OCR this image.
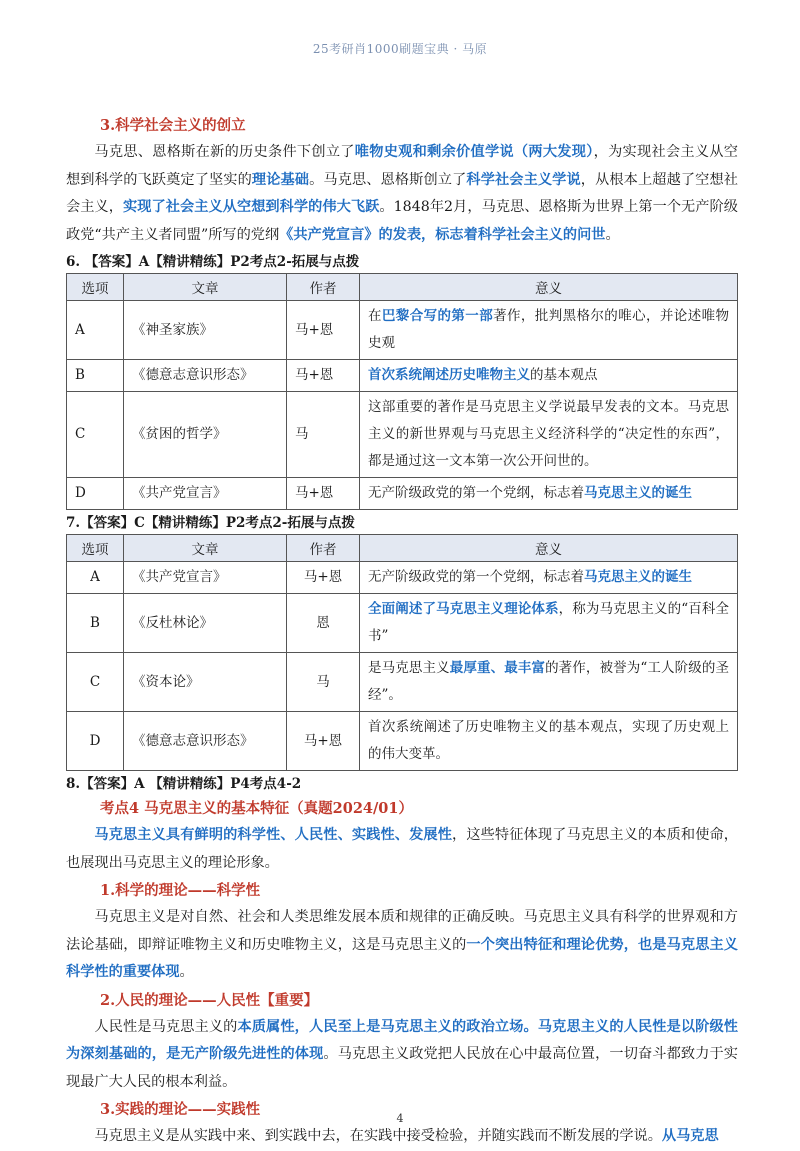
25考研肖1000刷题宝典 · 马原

3.科学社会主义的创立

马克思、恩格斯在新的历史条件下创立了唯物史观和剩余价值学说（两大发现），为实现社会主义从空想到科学的飞跃奠定了坚实的理论基础。马克思、恩格斯创立了科学社会主义学说，从根本上超越了空想社会主义，实现了社会主义从空想到科学的伟大飞跃。1848年2月，马克思、恩格斯为世界上第一个无产阶级政党“共产主义者同盟”所写的党纲《共产党宣言》的发表，标志着科学社会主义的问世。

6. 【答案】A【精讲精练】P2考点2-拓展与点拨

选项	文章	作者	意义
A	《神圣家族》	马+恩	在巴黎合写的第一部著作，批判黑格尔的唯心，并论述唯物史观
B	《德意志意识形态》	马+恩	首次系统阐述历史唯物主义的基本观点
C	《贫困的哲学》	马	这部重要的著作是马克思主义学说最早发表的文本。马克思主义的新世界观与马克思主义经济科学的“决定性的东西”，都是通过这一文本第一次公开问世的。
D	《共产党宣言》	马+恩	无产阶级政党的第一个党纲，标志着马克思主义的诞生

7.【答案】C【精讲精练】P2考点2-拓展与点拨

选项	文章	作者	意义
A	《共产党宣言》	马+恩	无产阶级政党的第一个党纲，标志着马克思主义的诞生
B	《反杜林论》	恩	全面阐述了马克思主义理论体系，称为马克思主义的“百科全书”
C	《资本论》	马	是马克思主义最厚重、最丰富的著作，被誉为“工人阶级的圣经”。
D	《德意志意识形态》	马+恩	首次系统阐述了历史唯物主义的基本观点，实现了历史观上的伟大变革。

8.【答案】A 【精讲精练】P4考点4-2

考点4 马克思主义的基本特征（真题2024/01）

马克思主义具有鲜明的科学性、人民性、实践性、发展性，这些特征体现了马克思主义的本质和使命，也展现出马克思主义的理论形象。

1.科学的理论——科学性

马克思主义是对自然、社会和人类思维发展本质和规律的正确反映。马克思主义具有科学的世界观和方法论基础，即辩证唯物主义和历史唯物主义，这是马克思主义的一个突出特征和理论优势，也是马克思主义科学性的重要体现。

2.人民的理论——人民性【重要】

人民性是马克思主义的本质属性，人民至上是马克思主义的政治立场。马克思主义的人民性是以阶级性为深刻基础的，是无产阶级先进性的体现。马克思主义政党把人民放在心中最高位置，一切奋斗都致力于实现最广大人民的根本利益。

3.实践的理论——实践性

马克思主义是从实践中来、到实践中去，在实践中接受检验，并随实践而不断发展的学说。从马克思

4
